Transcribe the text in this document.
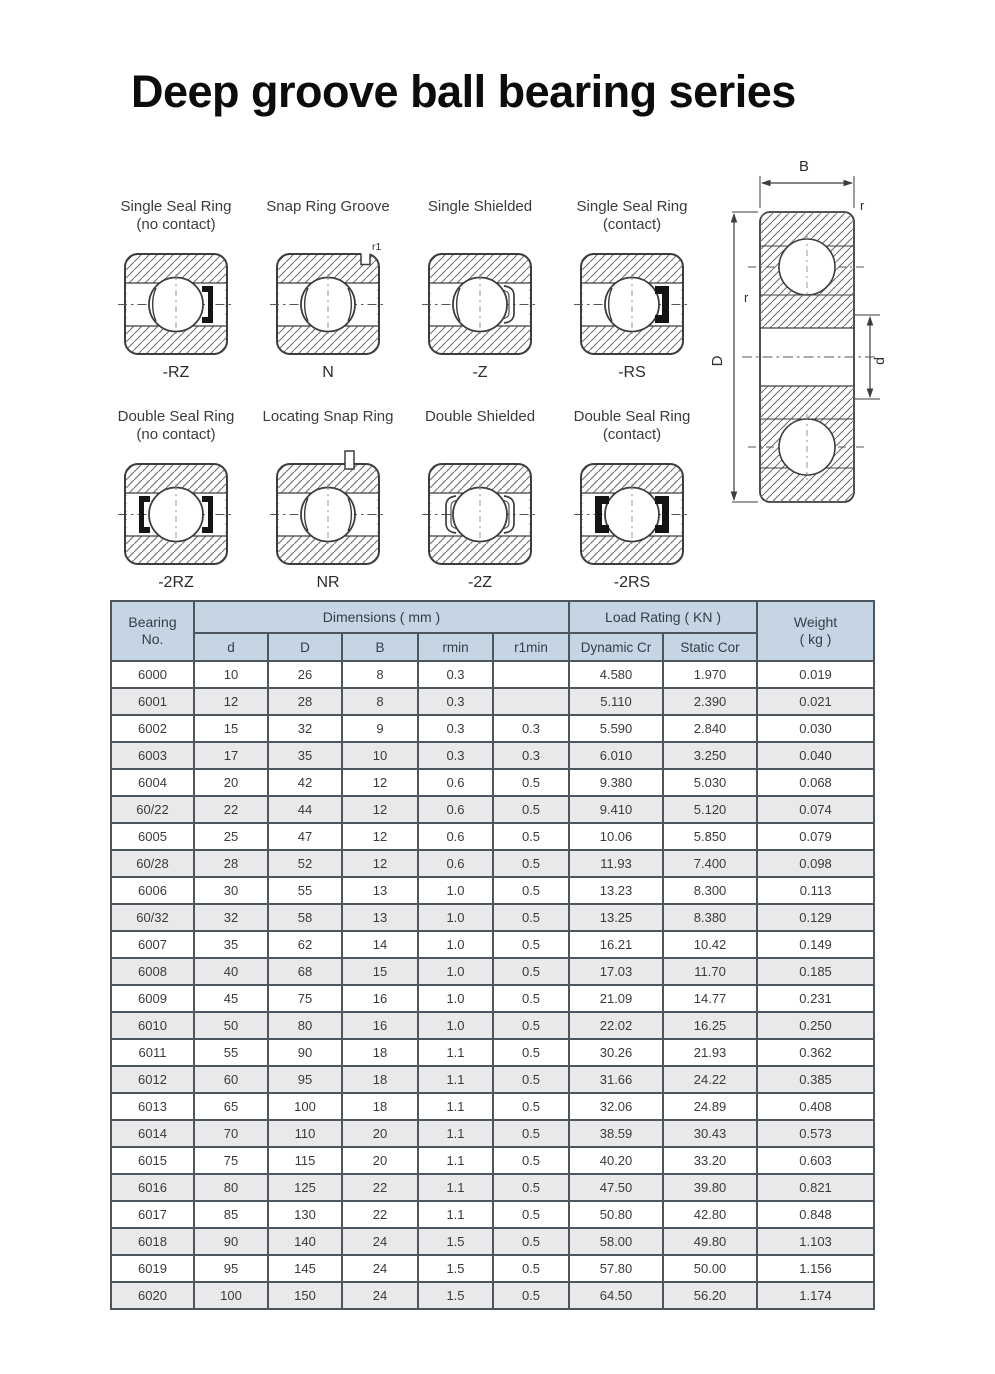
Deep groove ball bearing series
Single Seal Ring
(no contact)
-RZ
Snap Ring Groove
r1
N
Single Shielded
-Z
Single Seal Ring
(contact)
-RS
Double Seal Ring
(no contact)
-2RZ
Locating Snap Ring
NR
Double Shielded
-2Z
Double Seal Ring
(contact)
-2RS
B
r
r
D	d
Bearing
No.
	Dimensions ( mm )	Load Rating ( KN )	Weight
( kg )

	d	D	B	rmin	r1min	Dynamic Cr	Static Cor	
6000	10	26	8	0.3		4.580	1.970	0.019
6001	12	28	8	0.3		5.110	2.390	0.021
6002	15	32	9	0.3	0.3	5.590	2.840	0.030
6003	17	35	10	0.3	0.3	6.010	3.250	0.040
6004	20	42	12	0.6	0.5	9.380	5.030	0.068
60/22	22	44	12	0.6	0.5	9.410	5.120	0.074
6005	25	47	12	0.6	0.5	10.06	5.850	0.079
60/28	28	52	12	0.6	0.5	11.93	7.400	0.098
6006	30	55	13	1.0	0.5	13.23	8.300	0.113
60/32	32	58	13	1.0	0.5	13.25	8.380	0.129
6007	35	62	14	1.0	0.5	16.21	10.42	0.149
6008	40	68	15	1.0	0.5	17.03	11.70	0.185
6009	45	75	16	1.0	0.5	21.09	14.77	0.231
6010	50	80	16	1.0	0.5	22.02	16.25	0.250
6011	55	90	18	1.1	0.5	30.26	21.93	0.362
6012	60	95	18	1.1	0.5	31.66	24.22	0.385
6013	65	100	18	1.1	0.5	32.06	24.89	0.408
6014	70	110	20	1.1	0.5	38.59	30.43	0.573
6015	75	115	20	1.1	0.5	40.20	33.20	0.603
6016	80	125	22	1.1	0.5	47.50	39.80	0.821
6017	85	130	22	1.1	0.5	50.80	42.80	0.848
6018	90	140	24	1.5	0.5	58.00	49.80	1.103
6019	95	145	24	1.5	0.5	57.80	50.00	1.156
6020	100	150	24	1.5	0.5	64.50	56.20	1.174
